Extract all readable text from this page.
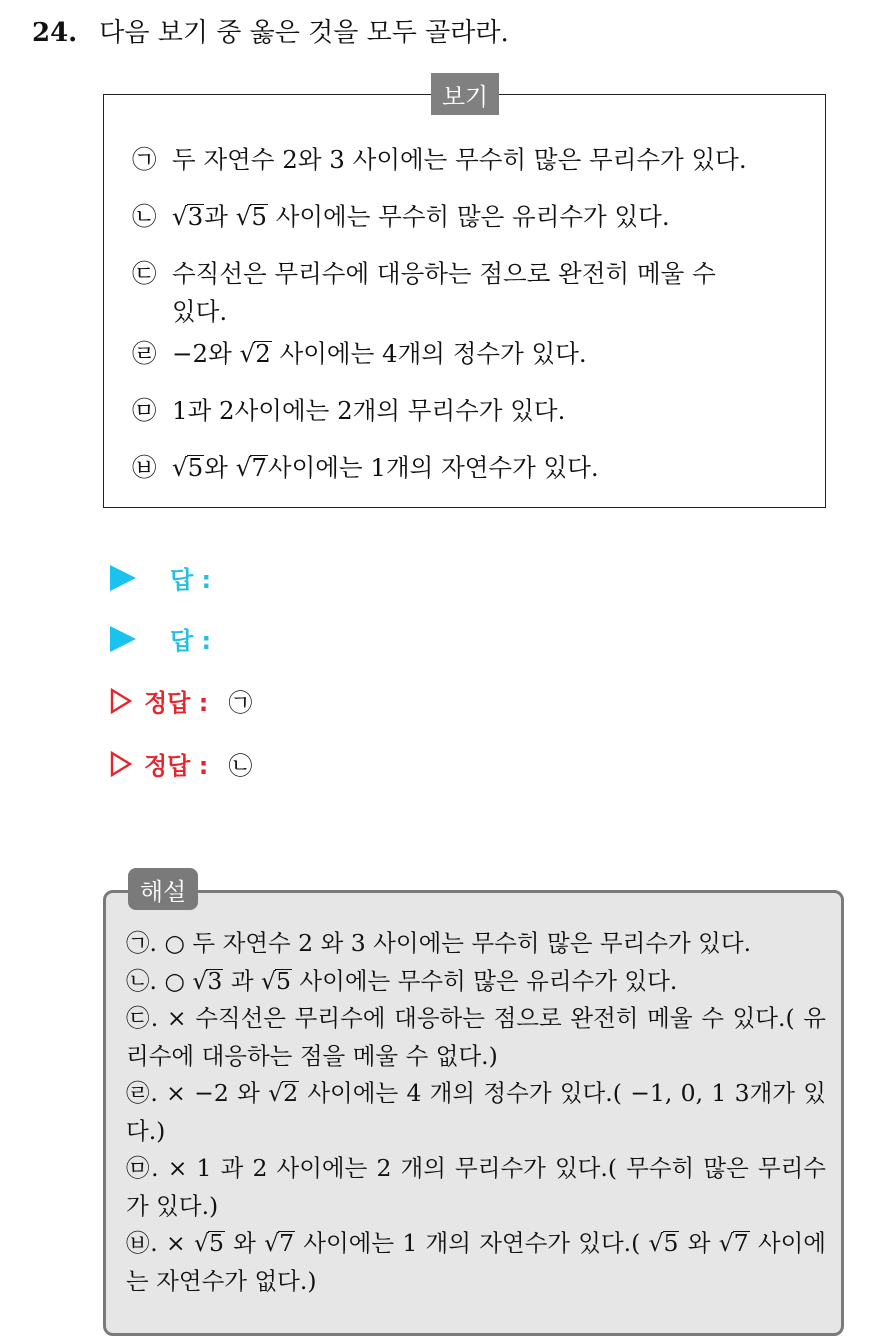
24. 다음 보기 중 옳은 것을 모두 골라라.
보기
㉠ 두 자연수 2와 3 사이에는 무수히 많은 무리수가 있다.
㉡ √3과 √5 사이에는 무수히 많은 유리수가 있다.
㉢ 수직선은 무리수에 대응하는 점으로 완전히 메울 수
있다.
㉣ −2와 √2 사이에는 4개의 정수가 있다.
㉤ 1과 2사이에는 2개의 무리수가 있다.
㉥ √5와 √7사이에는 1개의 자연수가 있다.
답 :
답 :
정답 : ㉠
정답 : ㉡

㉠. ○ 두 자연수 2 와 3 사이에는 무수히 많은 무리수가 있다.

㉡. ○ √3 과 √5 사이에는 무수히 많은 유리수가 있다.

㉢. × 수직선은 무리수에 대응하는 점으로 완전히 메울 수 있다.( 유리수에 대응하는 점을 메울 수 없다.)

㉣. × −2 와 √2 사이에는 4 개의 정수가 있다.( −1, 0, 1 3개가 있다.)

㉤. × 1 과 2 사이에는 2 개의 무리수가 있다.( 무수히 많은 무리수가 있다.)

㉥. × √5 와 √7 사이에는 1 개의 자연수가 있다.( √5 와 √7 사이에는 자연수가 없다.)

해설
